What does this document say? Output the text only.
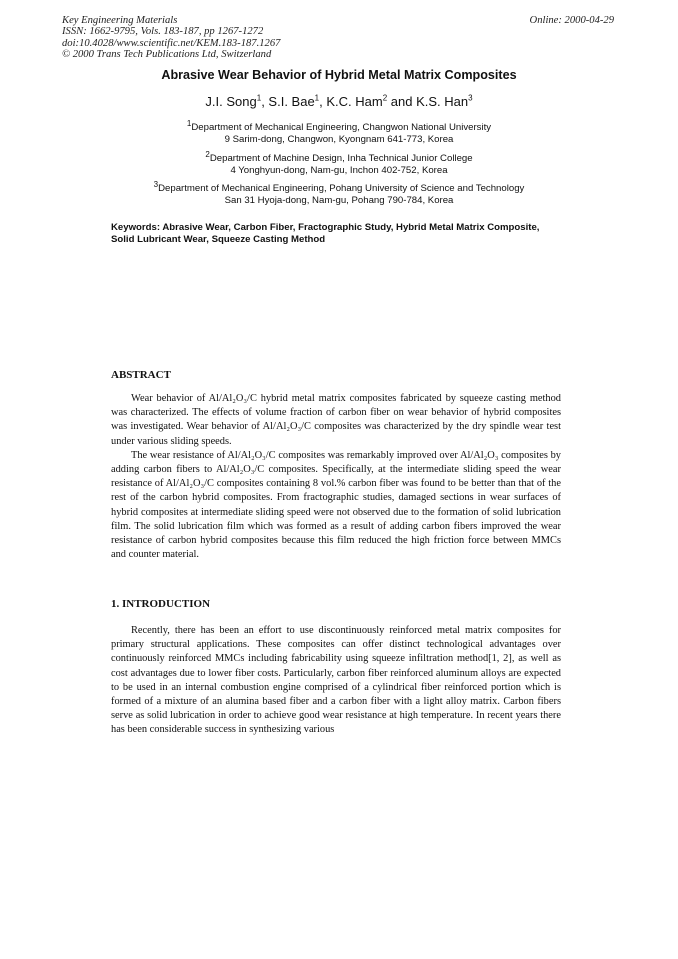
Key Engineering Materials
ISSN: 1662-9795, Vols. 183-187, pp 1267-1272
doi:10.4028/www.scientific.net/KEM.183-187.1267
© 2000 Trans Tech Publications Ltd, Switzerland
Online: 2000-04-29
Abrasive Wear Behavior of Hybrid Metal Matrix Composites
J.I. Song$^1$, S.I. Bae$^1$, K.C. Ham$^2$ and K.S. Han$^3$
$^1$Department of Mechanical Engineering, Changwon National University
9 Sarim-dong, Changwon, Kyongnam 641-773, Korea
$^2$Department of Machine Design, Inha Technical Junior College
4 Yonghyun-dong, Nam-gu, Inchon 402-752, Korea
$^3$Department of Mechanical Engineering, Pohang University of Science and Technology
San 31 Hyoja-dong, Nam-gu, Pohang 790-784, Korea
Keywords: Abrasive Wear, Carbon Fiber, Fractographic Study, Hybrid Metal Matrix Composite, Solid Lubricant Wear, Squeeze Casting Method
ABSTRACT

Wear behavior of Al/Al₂O₃/C hybrid metal matrix composites fabricated by squeeze casting method was characterized. The effects of volume fraction of carbon fiber on wear behavior of hybrid composites was investigated. Wear behavior of Al/Al₂O₃/C composites was characterized by the dry spindle wear test under various sliding speeds.

The wear resistance of Al/Al₂O₃/C composites was remarkably improved over Al/Al₂O₃ composites by adding carbon fibers to Al/Al₂O₃/C composites. Specifically, at the intermediate sliding speed the wear resistance of Al/Al₂O₃/C composites containing 8 vol.% carbon fiber was found to be better than that of the rest of the carbon hybrid composites. From fractographic studies, damaged sections in wear surfaces of hybrid composites at intermediate sliding speed were not observed due to the formation of solid lubrication film. The solid lubrication film which was formed as a result of adding carbon fibers improved the wear resistance of carbon hybrid composites because this film reduced the high friction force between MMCs and counter material.

1. INTRODUCTION

Recently, there has been an effort to use discontinuously reinforced metal matrix composites for primary structural applications. These composites can offer distinct technological advantages over continuously reinforced MMCs including fabricability using squeeze infiltration method[1, 2], as well as cost advantages due to lower fiber costs. Particularly, carbon fiber reinforced aluminum alloys are expected to be used in an internal combustion engine comprised of a cylindrical fiber reinforced portion which is formed of a mixture of an alumina based fiber and a carbon fiber with a light alloy matrix. Carbon fibers serve as solid lubrication in order to achieve good wear resistance at high temperature. In recent years there has been considerable success in synthesizing various
